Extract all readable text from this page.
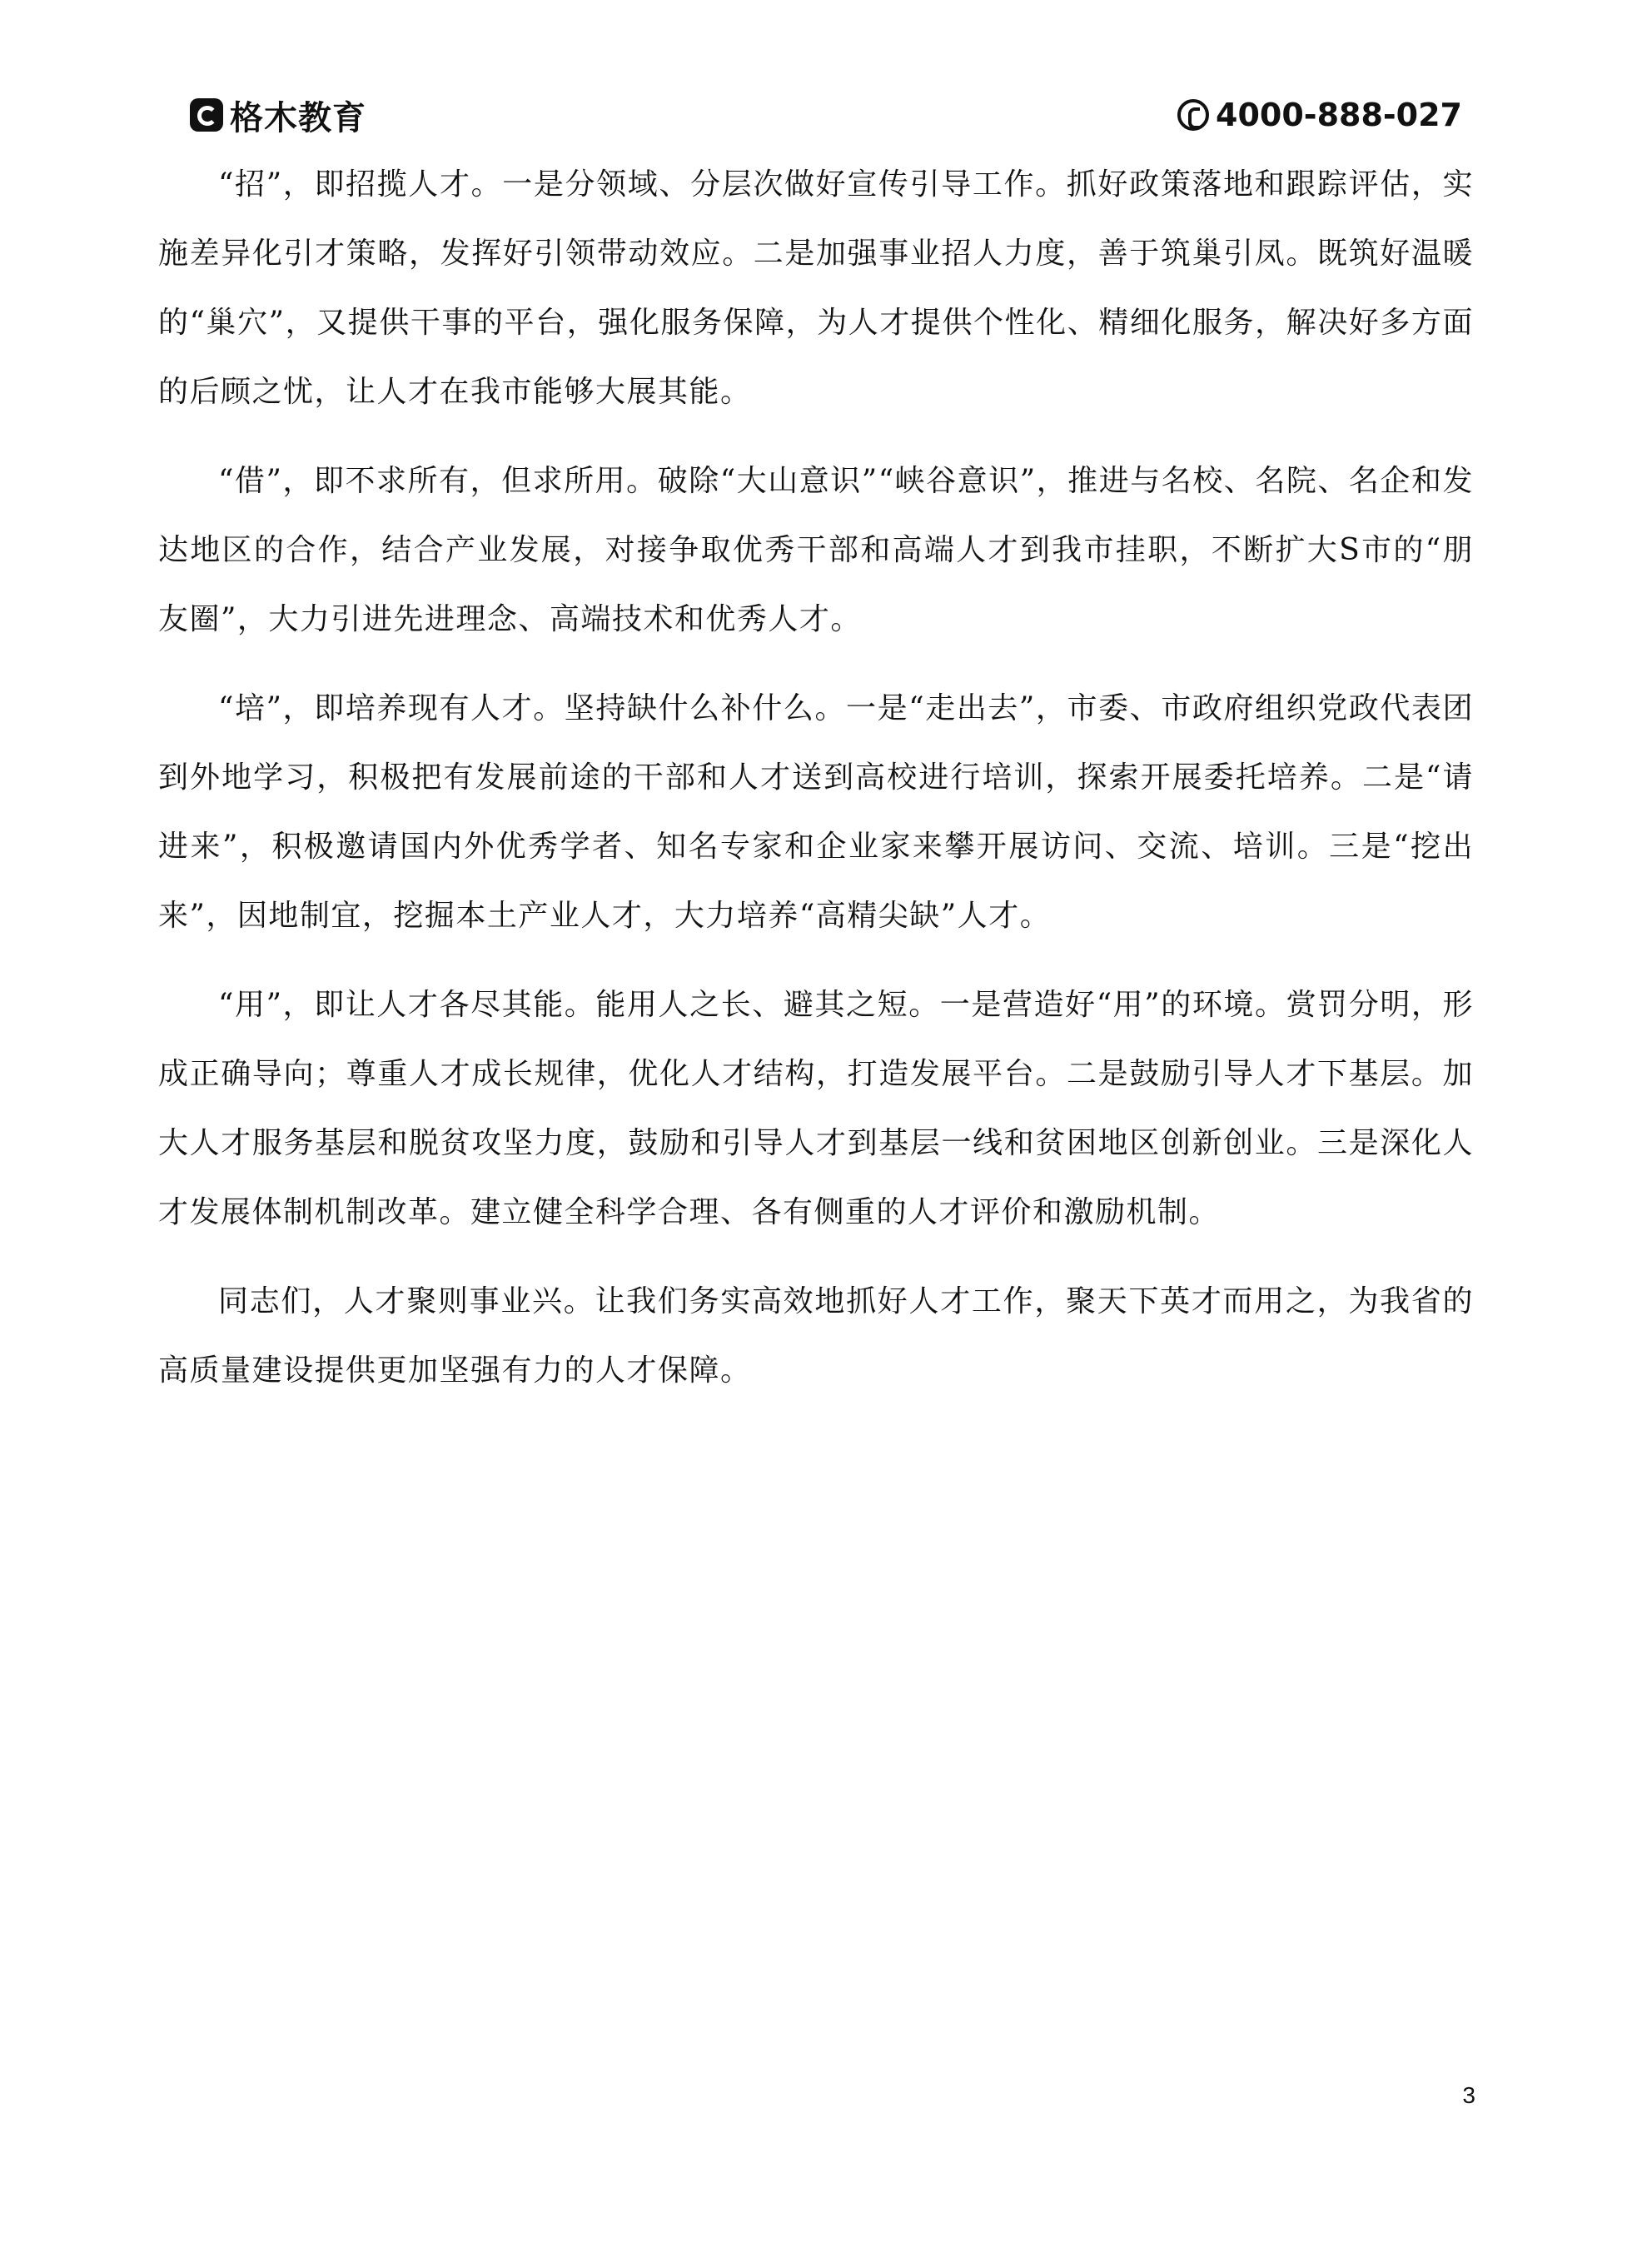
格木教育	4000-888-027

“招”，即招揽人才。一是分领域、分层次做好宣传引导工作。抓好政策落地和跟踪评估，实施差异化引才策略，发挥好引领带动效应。二是加强事业招人力度，善于筑巢引凤。既筑好温暖的“巢穴”，又提供干事的平台，强化服务保障，为人才提供个性化、精细化服务，解决好多方面的后顾之忧，让人才在我市能够大展其能。

“借”，即不求所有，但求所用。破除“大山意识”“峡谷意识”，推进与名校、名院、名企和发达地区的合作，结合产业发展，对接争取优秀干部和高端人才到我市挂职，不断扩大S市的“朋友圈”，大力引进先进理念、高端技术和优秀人才。

“培”，即培养现有人才。坚持缺什么补什么。一是“走出去”，市委、市政府组织党政代表团到外地学习，积极把有发展前途的干部和人才送到高校进行培训，探索开展委托培养。二是“请进来”，积极邀请国内外优秀学者、知名专家和企业家来攀开展访问、交流、培训。三是“挖出来”，因地制宜，挖掘本土产业人才，大力培养“高精尖缺”人才。

“用”，即让人才各尽其能。能用人之长、避其之短。一是营造好“用”的环境。赏罚分明，形成正确导向；尊重人才成长规律，优化人才结构，打造发展平台。二是鼓励引导人才下基层。加大人才服务基层和脱贫攻坚力度，鼓励和引导人才到基层一线和贫困地区创新创业。三是深化人才发展体制机制改革。建立健全科学合理、各有侧重的人才评价和激励机制。

同志们，人才聚则事业兴。让我们务实高效地抓好人才工作，聚天下英才而用之，为我省的高质量建设提供更加坚强有力的人才保障。

3
